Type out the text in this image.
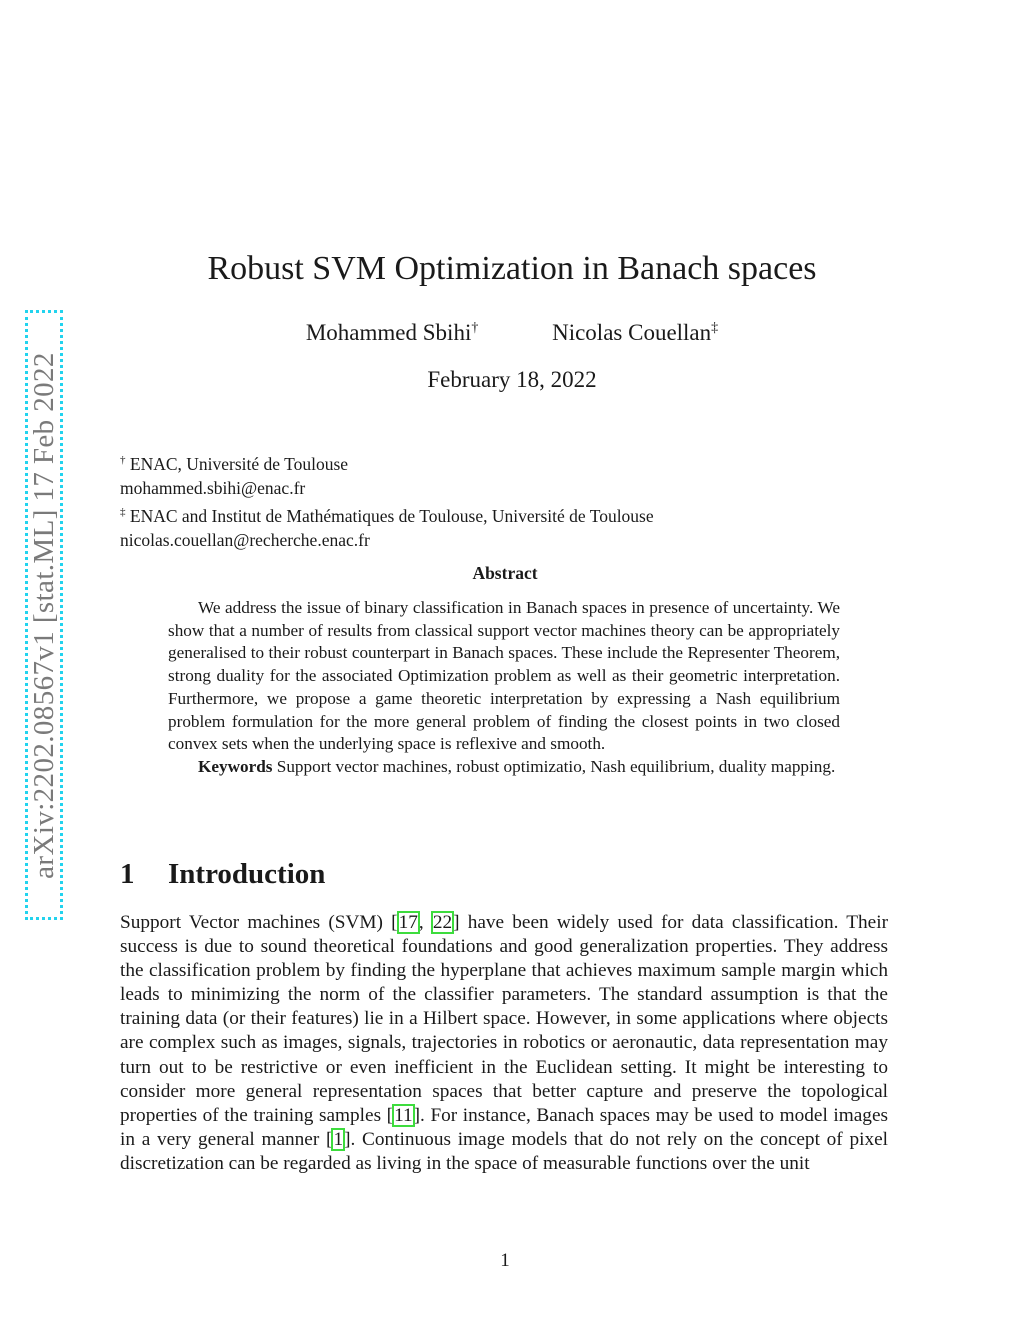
arXiv:2202.08567v1 [stat.ML] 17 Feb 2022
Robust SVM Optimization in Banach spaces
Mohammed Sbihi†	Nicolas Couellan‡
February 18, 2022
† ENAC, Université de Toulouse
mohammed.sbihi@enac.fr
‡ ENAC and Institut de Mathématiques de Toulouse, Université de Toulouse
nicolas.couellan@recherche.enac.fr
Abstract

We address the issue of binary classification in Banach spaces in presence of uncertainty. We show that a number of results from classical support vector machines theory can be appropriately generalised to their robust counterpart in Banach spaces. These include the Representer Theorem, strong duality for the associated Optimization problem as well as their geometric interpretation. Furthermore, we propose a game theoretic interpretation by expressing a Nash equilibrium problem formulation for the more general problem of finding the closest points in two closed convex sets when the underlying space is reflexive and smooth.

Keywords Support vector machines, robust optimizatio, Nash equilibrium, duality mapping.

1 Introduction

Support Vector machines (SVM) [17, 22] have been widely used for data classification. Their success is due to sound theoretical foundations and good generalization properties. They address the classification problem by finding the hyperplane that achieves maximum sample margin which leads to minimizing the norm of the classifier parameters. The standard assumption is that the training data (or their features) lie in a Hilbert space. However, in some applications where objects are complex such as images, signals, trajectories in robotics or aeronautic, data representation may turn out to be restrictive or even inefficient in the Euclidean setting. It might be interesting to consider more general representation spaces that better capture and preserve the topological properties of the training samples [11]. For instance, Banach spaces may be used to model images in a very general manner [1]. Continuous image models that do not rely on the concept of pixel discretization can be regarded as living in the space of measurable functions over the unit

1
